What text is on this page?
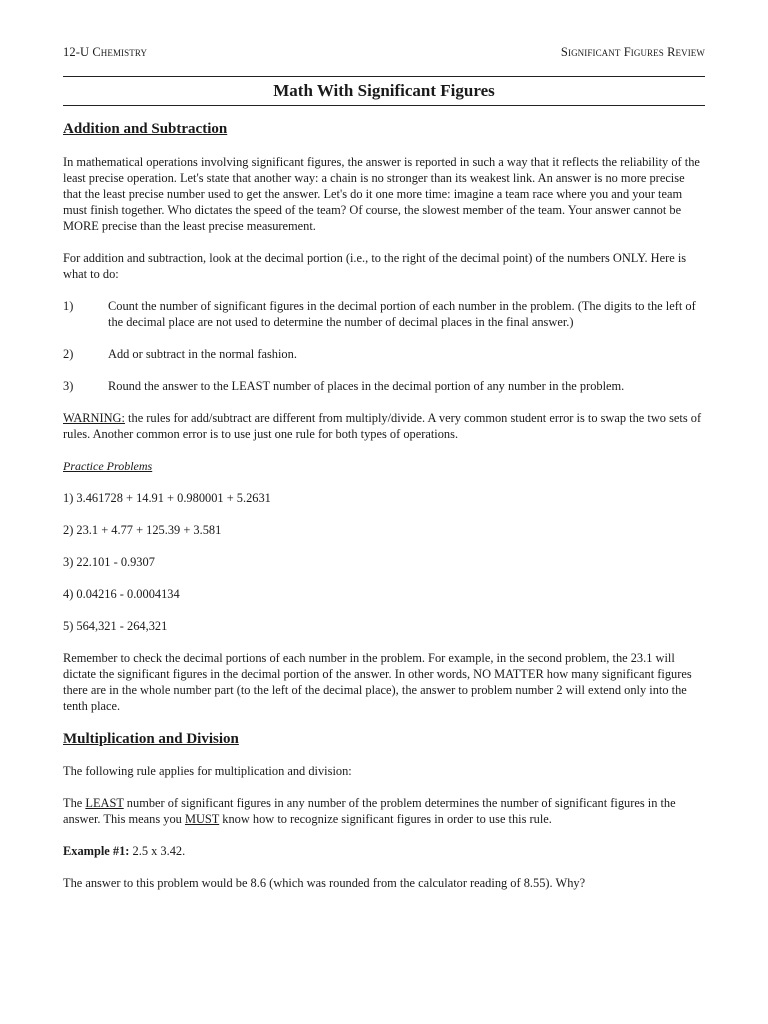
12-U Chemistry	Significant Figures Review
Math With Significant Figures
Addition and Subtraction

In mathematical operations involving significant figures, the answer is reported in such a way that it reflects the reliability of the least precise operation. Let's state that another way: a chain is no stronger than its weakest link. An answer is no more precise that the least precise number used to get the answer. Let's do it one more time: imagine a team race where you and your team must finish together. Who dictates the speed of the team? Of course, the slowest member of the team. Your answer cannot be MORE precise than the least precise measurement.

For addition and subtraction, look at the decimal portion (i.e., to the right of the decimal point) of the numbers ONLY. Here is what to do:

1)	Count the number of significant figures in the decimal portion of each number in the problem. (The digits to the left of the decimal place are not used to determine the number of decimal places in the final answer.)
2)	Add or subtract in the normal fashion.
3)	Round the answer to the LEAST number of places in the decimal portion of any number in the problem.

WARNING: the rules for add/subtract are different from multiply/divide. A very common student error is to swap the two sets of rules. Another common error is to use just one rule for both types of operations.

Practice Problems

1) 3.461728 + 14.91 + 0.980001 + 5.2631

2) 23.1 + 4.77 + 125.39 + 3.581

3) 22.101 - 0.9307

4) 0.04216 - 0.0004134

5) 564,321 - 264,321

Remember to check the decimal portions of each number in the problem. For example, in the second problem, the 23.1 will dictate the significant figures in the decimal portion of the answer. In other words, NO MATTER how many significant figures there are in the whole number part (to the left of the decimal place), the answer to problem number 2 will extend only into the tenth place.

Multiplication and Division

The following rule applies for multiplication and division:

The LEAST number of significant figures in any number of the problem determines the number of significant figures in the answer. This means you MUST know how to recognize significant figures in order to use this rule.

Example #1: 2.5 x 3.42.

The answer to this problem would be 8.6 (which was rounded from the calculator reading of 8.55). Why?
